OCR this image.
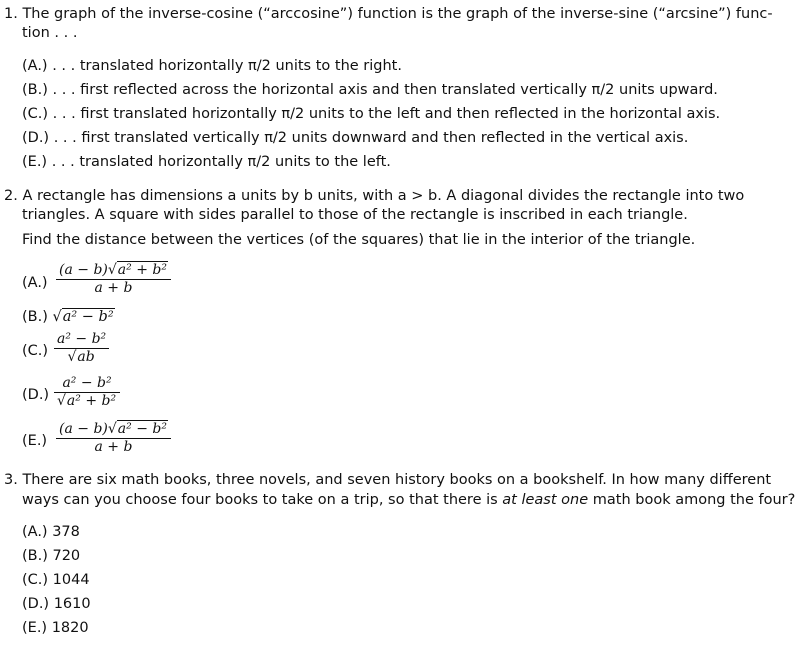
1. The graph of the inverse-cosine (“arccosine”) function is the graph of the inverse-sine (“arcsine”) func-
tion . . .
(A.) . . . translated horizontally π/2 units to the right.
(B.) . . . first reflected across the horizontal axis and then translated vertically π/2 units upward.
(C.) . . . first translated horizontally π/2 units to the left and then reflected in the horizontal axis.
(D.) . . . first translated vertically π/2 units downward and then reflected in the vertical axis.
(E.) . . . translated horizontally π/2 units to the left.
2. A rectangle has dimensions a units by b units, with a > b. A diagonal divides the rectangle into two
triangles. A square with sides parallel to those of the rectangle is inscribed in each triangle.
Find the distance between the vertices (of the squares) that lie in the interior of the triangle.
(A.)
(a − b)√a² + b²
a + b
(B.) √a² − b²
(C.)
a² − b²
√ab
(D.)
a² − b²
√a² + b²
(E.)
(a − b)√a² − b²
a + b
3. There are six math books, three novels, and seven history books on a bookshelf. In how many different
ways can you choose four books to take on a trip, so that there is at least one math book among the four?
(A.) 378
(B.) 720
(C.) 1044
(D.) 1610
(E.) 1820
